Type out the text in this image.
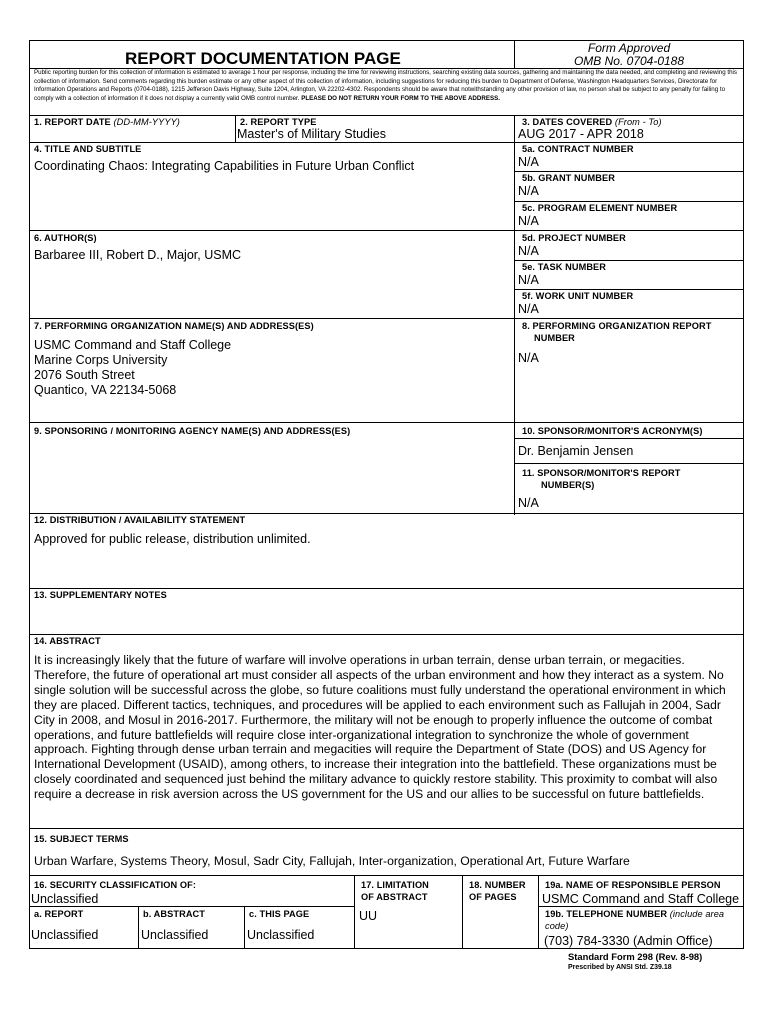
REPORT DOCUMENTATION PAGE
Form Approved
OMB No. 0704-0188
Public reporting burden for this collection of information is estimated to average 1 hour per response, including the time for reviewing instructions, searching existing data sources, gathering and maintaining the data needed, and completing and reviewing this collection of information. Send comments regarding this burden estimate or any other aspect of this collection of information, including suggestions for reducing this burden to Department of Defense, Washington Headquarters Services, Directorate for Information Operations and Reports (0704-0188), 1215 Jefferson Davis Highway, Suite 1204, Arlington, VA 22202-4302. Respondents should be aware that notwithstanding any other provision of law, no person shall be subject to any penalty for failing to comply with a collection of information if it does not display a currently valid OMB control number. PLEASE DO NOT RETURN YOUR FORM TO THE ABOVE ADDRESS.
1. REPORT DATE (DD-MM-YYYY)	2. REPORT TYPE
Master's of Military Studies
3. DATES COVERED (From - To)
AUG 2017 - APR 2018
4. TITLE AND SUBTITLE
Coordinating Chaos: Integrating Capabilities in Future Urban Conflict
5a. CONTRACT NUMBER
N/A
5b. GRANT NUMBER
N/A
5c. PROGRAM ELEMENT NUMBER
N/A
6. AUTHOR(S)
Barbaree III, Robert D., Major, USMC
5d. PROJECT NUMBER
N/A
5e. TASK NUMBER
N/A
5f. WORK UNIT NUMBER
N/A
7. PERFORMING ORGANIZATION NAME(S) AND ADDRESS(ES)
USMC Command and Staff College
Marine Corps University
2076 South Street
Quantico, VA 22134-5068
8. PERFORMING ORGANIZATION REPORT
NUMBER
N/A
9. SPONSORING / MONITORING AGENCY NAME(S) AND ADDRESS(ES)	10. SPONSOR/MONITOR'S ACRONYM(S)
Dr. Benjamin Jensen
11. SPONSOR/MONITOR'S REPORT
NUMBER(S)
N/A
12. DISTRIBUTION / AVAILABILITY STATEMENT
Approved for public release, distribution unlimited.
13. SUPPLEMENTARY NOTES
14. ABSTRACT
It is increasingly likely that the future of warfare will involve operations in urban terrain, dense urban terrain, or megacities. Therefore, the future of operational art must consider all aspects of the urban environment and how they interact as a system. No single solution will be successful across the globe, so future coalitions must fully understand the operational environment in which they are placed. Different tactics, techniques, and procedures will be applied to each environment such as Fallujah in 2004, Sadr City in 2008, and Mosul in 2016-2017. Furthermore, the military will not be enough to properly influence the outcome of combat operations, and future battlefields will require close inter-organizational integration to synchronize the whole of government approach. Fighting through dense urban terrain and megacities will require the Department of State (DOS) and US Agency for International Development (USAID), among others, to increase their integration into the battlefield. These organizations must be closely coordinated and sequenced just behind the military advance to quickly restore stability. This proximity to combat will also require a decrease in risk aversion across the US government for the US and our allies to be successful on future battlefields.
15. SUBJECT TERMS
Urban Warfare, Systems Theory, Mosul, Sadr City, Fallujah, Inter-organization, Operational Art, Future Warfare
16. SECURITY CLASSIFICATION OF:
Unclassified
a. REPORT
Unclassified
b. ABSTRACT
Unclassified
c. THIS PAGE
Unclassified
17. LIMITATION
OF ABSTRACT
UU
18. NUMBER
OF PAGES
19a. NAME OF RESPONSIBLE PERSON
USMC Command and Staff College
19b. TELEPHONE NUMBER (include area
code)
(703) 784-3330 (Admin Office)
Standard Form 298 (Rev. 8-98)
Prescribed by ANSI Std. Z39.18
